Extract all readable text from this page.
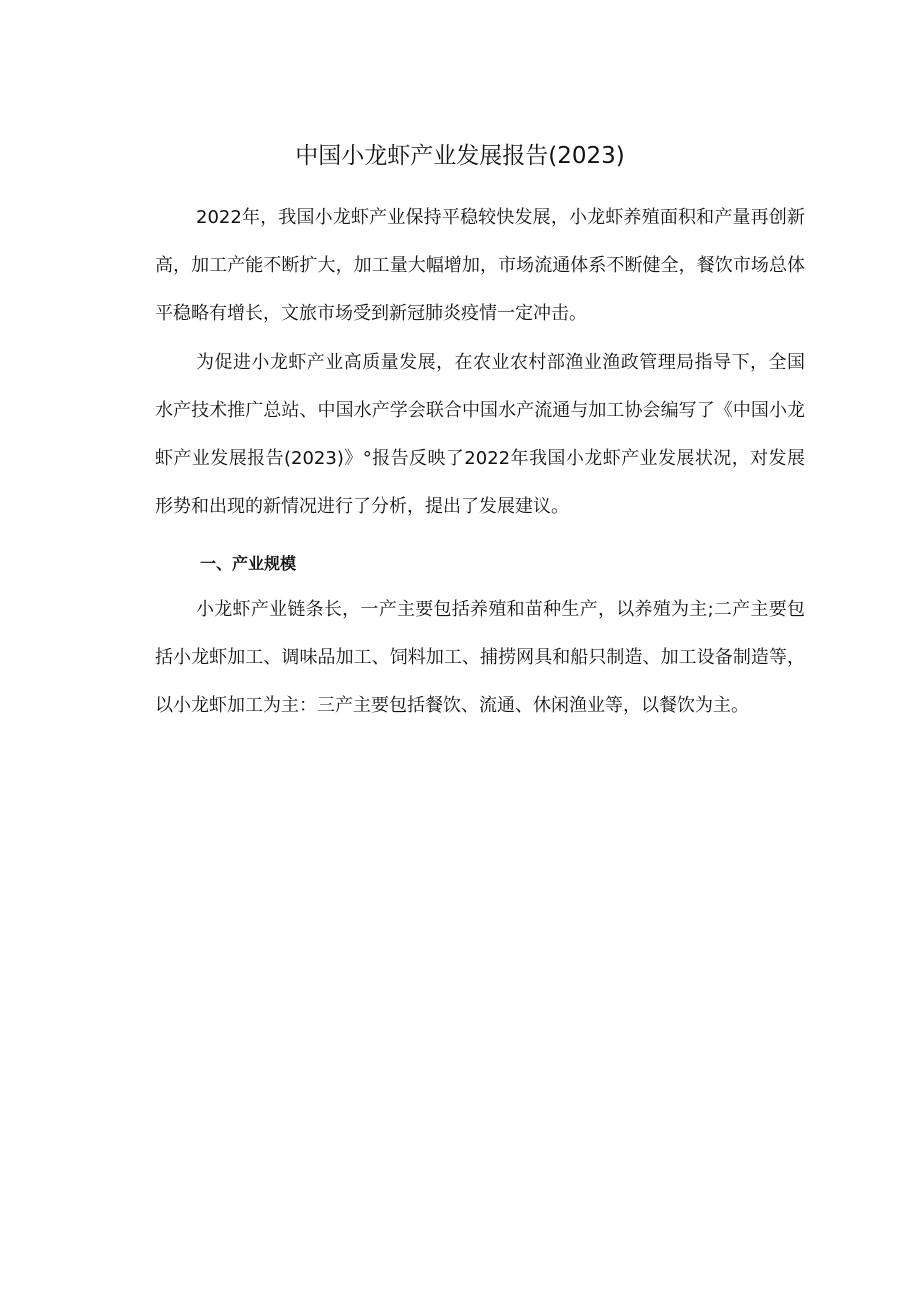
中国小龙虾产业发展报告(2023)

2022年，我国小龙虾产业保持平稳较快发展，小龙虾养殖面积和产量再创新高，加工产能不断扩大，加工量大幅增加，市场流通体系不断健全，餐饮市场总体平稳略有增长，文旅市场受到新冠肺炎疫情一定冲击。

为促进小龙虾产业高质量发展，在农业农村部渔业渔政管理局指导下，全国水产技术推广总站、中国水产学会联合中国水产流通与加工协会编写了《中国小龙虾产业发展报告(2023)》°报告反映了2022年我国小龙虾产业发展状况，对发展形势和出现的新情况进行了分析，提出了发展建议。

一、产业规模

小龙虾产业链条长，一产主要包括养殖和苗种生产，以养殖为主;二产主要包括小龙虾加工、调味品加工、饲料加工、捕捞网具和船只制造、加工设备制造等，以小龙虾加工为主：三产主要包括餐饮、流通、休闲渔业等，以餐饮为主。
